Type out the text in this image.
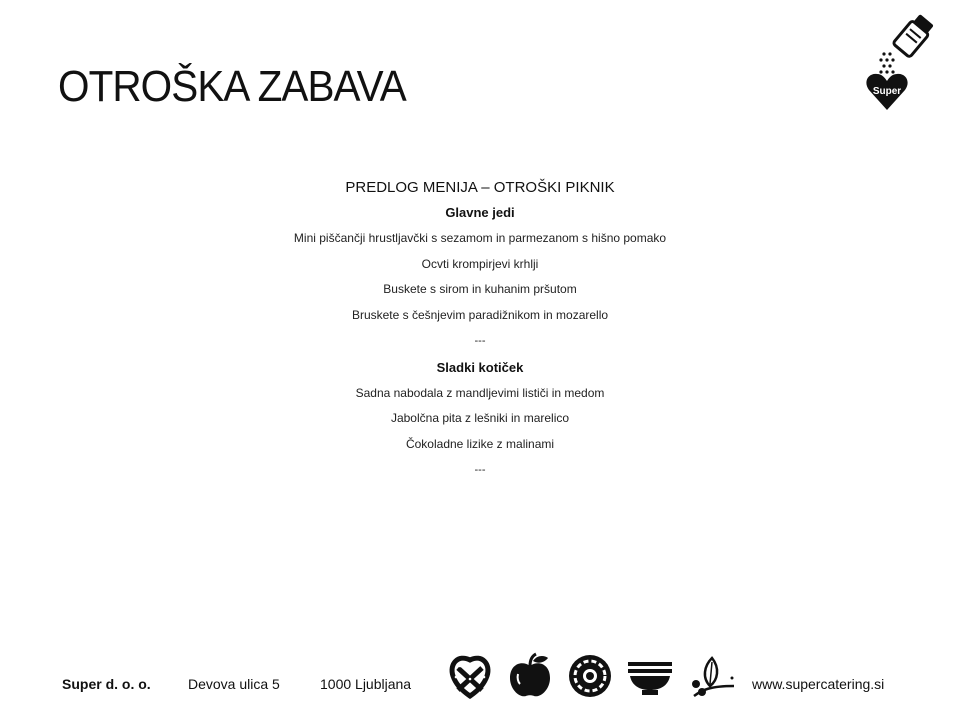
OTROŠKA ZABAVA	Super
PREDLOG MENIJA – OTROŠKI PIKNIK
Glavne jedi
Mini piščančji hrustljavčki s sezamom in parmezanom s hišno pomako
Ocvti krompirjevi krhlji
Buskete s sirom in kuhanim pršutom
Bruskete s češnjevim paradižnikom in mozarello
---
Sladki kotiček
Sadna nabodala z mandljevimi lističi in medom
Jabolčna pita z lešniki in marelico
Čokoladne lizike z malinami
---
Super d. o. o.	Devova ulica 5	1000 Ljubljana	www.supercatering.si
